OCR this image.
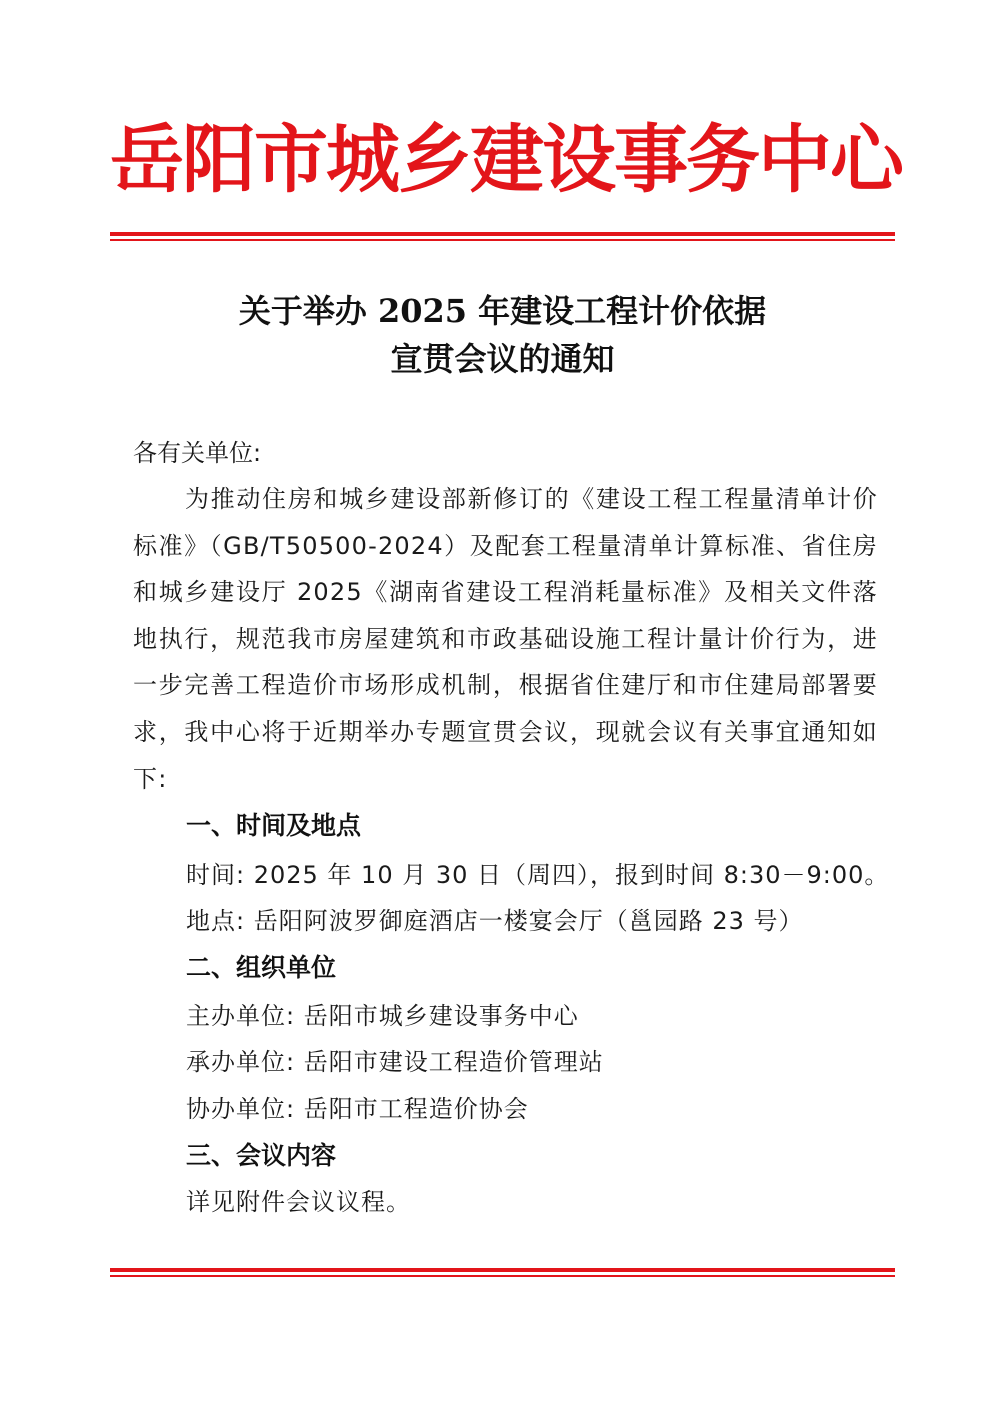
岳阳市城乡建设事务中心
关于举办 2025 年建设工程计价依据
宣贯会议的通知
各有关单位:
为推动住房和城乡建设部新修订的《建设工程工程量清单计价标准》（GB/T50500-2024）及配套工程量清单计算标准、省住房和城乡建设厅 2025《湖南省建设工程消耗量标准》及相关文件落地执行，规范我市房屋建筑和市政基础设施工程计量计价行为，进一步完善工程造价市场形成机制，根据省住建厅和市住建局部署要求，我中心将于近期举办专题宣贯会议，现就会议有关事宜通知如下:
一、时间及地点
时间: 2025 年 10 月 30 日（周四），报到时间 8:30－9:00。
地点: 岳阳阿波罗御庭酒店一楼宴会厅（邕园路 23 号）
二、组织单位
主办单位: 岳阳市城乡建设事务中心
承办单位: 岳阳市建设工程造价管理站
协办单位: 岳阳市工程造价协会
三、会议内容
详见附件会议议程。
